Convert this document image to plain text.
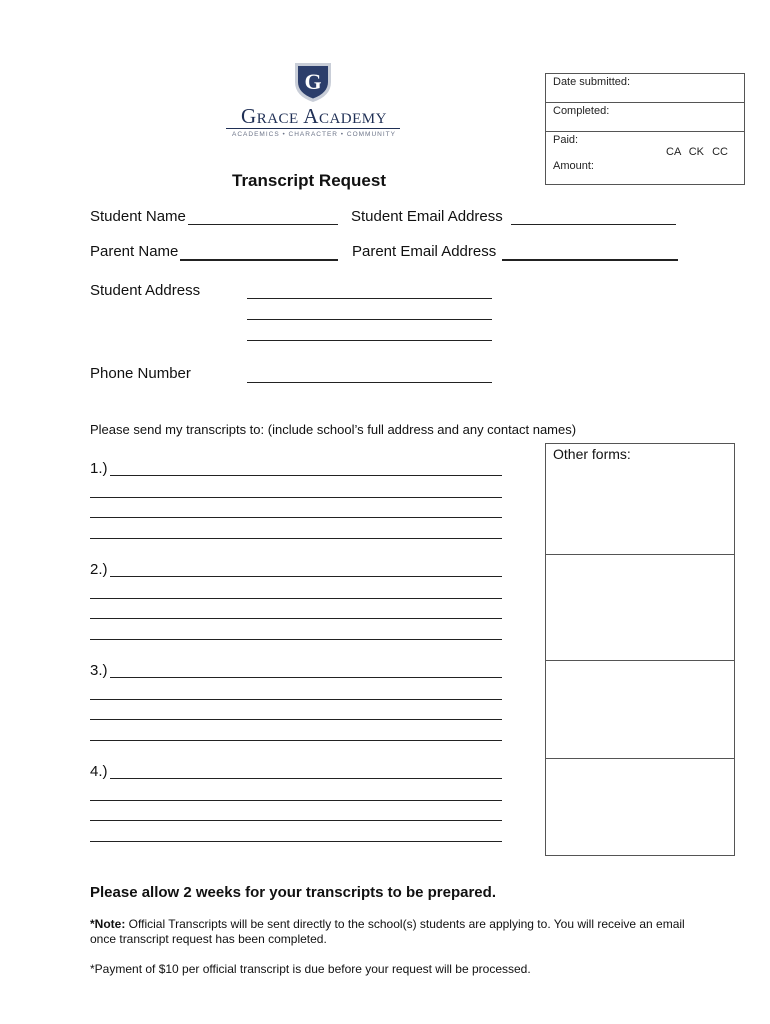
G
Grace Academy
ACADEMICS • CHARACTER • COMMUNITY
Date submitted:
Completed:
Paid:
CA CK CC
Amount:
Transcript Request
Student Name	Student Email Address
Parent Name	Parent Email Address
Student Address
Phone Number
Please send my transcripts to: (include school’s full address and any contact names)
1.)
2.)
3.)
4.)
Other forms:
Please allow 2 weeks for your transcripts to be prepared.
*Note: Official Transcripts will be sent directly to the school(s) students are applying to. You will receive an email once transcript request has been completed.
*Payment of $10 per official transcript is due before your request will be processed.
